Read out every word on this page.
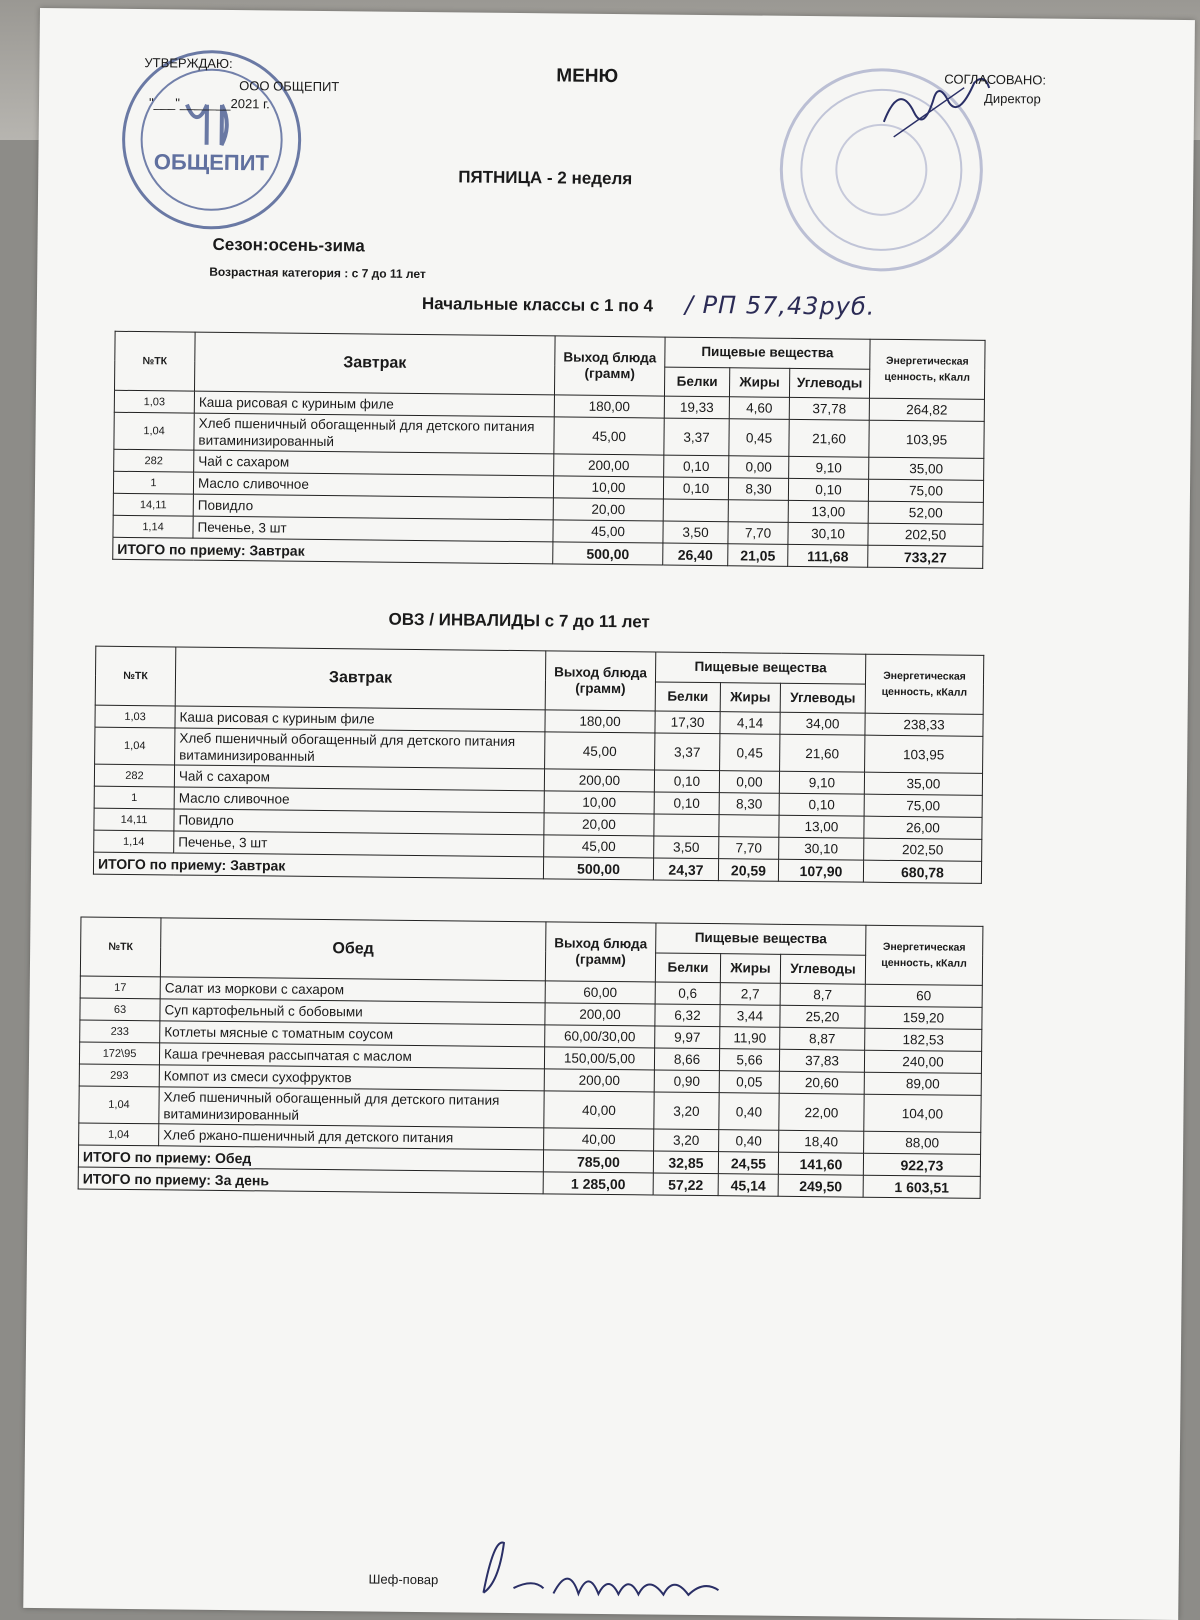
ОБЩЕПИТ
УТВЕРЖДАЮ:
ООО ОБЩЕПИТ
"___"_______2021 г.
МЕНЮ	СОГЛАСОВАНО:
Директор
ПЯТНИЦА - 2 неделя
Сезон:осень-зима
Возрастная категория : с 7 до 11 лет
Начальные классы с 1 по 4 / РП 57,43руб.
№ТК	Завтрак	Выход блюда (грамм)	Пищевые вещества			Энергетическая ценность, кКалл
			Белки	Жиры	Углеводы	
1,03	Каша рисовая с куриным филе	180,00	19,33	4,60	37,78	264,82
1,04	Хлеб пшеничный обогащенный для детского питания витаминизированный	45,00	3,37	0,45	21,60	103,95
282	Чай с сахаром	200,00	0,10	0,00	9,10	35,00
1	Масло сливочное	10,00	0,10	8,30	0,10	75,00
14,11	Повидло	20,00			13,00	52,00
1,14	Печенье, 3 шт	45,00	3,50	7,70	30,10	202,50
ИТОГО по приему: Завтрак		500,00	26,40	21,05	111,68	733,27
ОВЗ / ИНВАЛИДЫ с 7 до 11 лет
№ТК	Завтрак	Выход блюда (грамм)	Пищевые вещества			Энергетическая ценность, кКалл
			Белки	Жиры	Углеводы	
1,03	Каша рисовая с куриным филе	180,00	17,30	4,14	34,00	238,33
1,04	Хлеб пшеничный обогащенный для детского питания витаминизированный	45,00	3,37	0,45	21,60	103,95
282	Чай с сахаром	200,00	0,10	0,00	9,10	35,00
1	Масло сливочное	10,00	0,10	8,30	0,10	75,00
14,11	Повидло	20,00			13,00	26,00
1,14	Печенье, 3 шт	45,00	3,50	7,70	30,10	202,50
ИТОГО по приему: Завтрак		500,00	24,37	20,59	107,90	680,78
№ТК	Обед	Выход блюда (грамм)	Пищевые вещества			Энергетическая ценность, кКалл
			Белки	Жиры	Углеводы	
17	Салат из моркови с сахаром	60,00	0,6	2,7	8,7	60
63	Суп картофельный с бобовыми	200,00	6,32	3,44	25,20	159,20
233	Котлеты мясные с томатным соусом	60,00/30,00	9,97	11,90	8,87	182,53
172\95	Каша гречневая рассыпчатая с маслом	150,00/5,00	8,66	5,66	37,83	240,00
293	Компот из смеси сухофруктов	200,00	0,90	0,05	20,60	89,00
1,04	Хлеб пшеничный обогащенный для детского питания витаминизированный	40,00	3,20	0,40	22,00	104,00
1,04	Хлеб ржано-пшеничный для детского питания	40,00	3,20	0,40	18,40	88,00
ИТОГО по приему: Обед		785,00	32,85	24,55	141,60	922,73
ИТОГО по приему: За день		1 285,00	57,22	45,14	249,50	1 603,51
Шеф-повар
